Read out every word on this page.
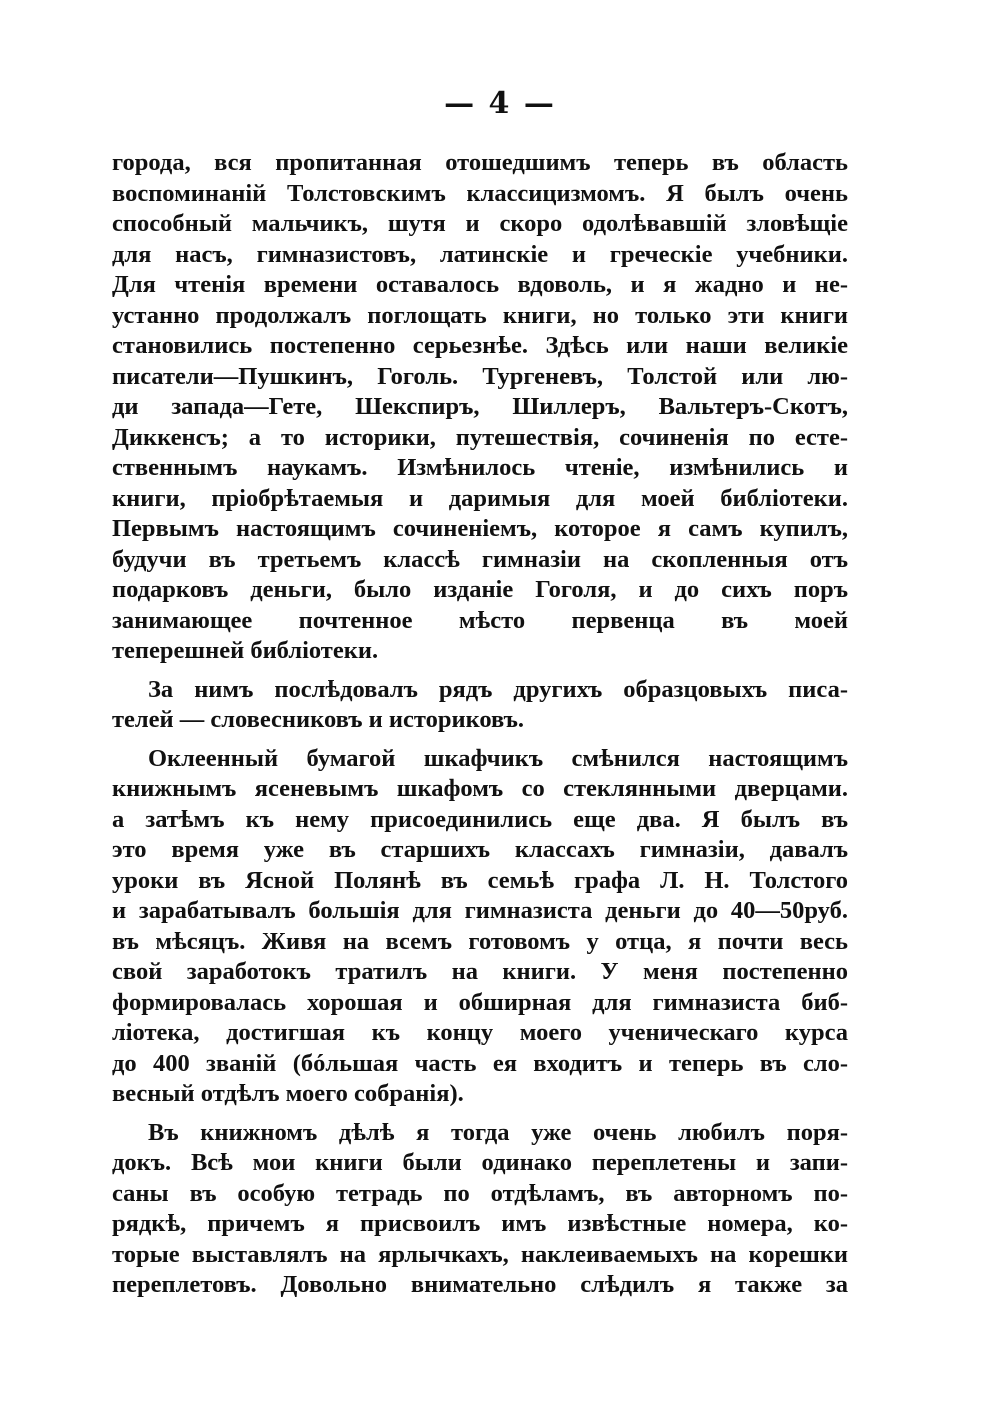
— 4 —
города, вся пропитанная отошедшимъ теперь въ область
воспоминаній Толстовскимъ классицизмомъ. Я былъ очень
способный мальчикъ, шутя и скоро одолѣвавшій зловѣщіе
для насъ, гимназистовъ, латинскіе и греческіе учебники.
Для чтенія времени оставалось вдоволь, и я жадно и не-
устанно продолжалъ поглощать книги, но только эти книги
становились постепенно серьезнѣе. Здѣсь или наши великіе
писатели—Пушкинъ, Гоголь. Тургеневъ, Толстой или лю-
ди запада—Гете, Шекспиръ, Шиллеръ, Вальтеръ-Скотъ,
Диккенсъ; а то историки, путешествія, сочиненія по есте-
ственнымъ наукамъ. Измѣнилось чтеніе, измѣнились и
книги, пріобрѣтаемыя и даримыя для моей библіотеки.
Первымъ настоящимъ сочиненіемъ, которое я самъ купилъ,
будучи въ третьемъ классѣ гимназіи на скопленныя отъ
подарковъ деньги, было изданіе Гоголя, и до сихъ поръ
занимающее почтенное мѣсто первенца въ моей
теперешней библіотеки.
За нимъ послѣдовалъ рядъ другихъ образцовыхъ писа-
телей — словесниковъ и историковъ.
Оклеенный бумагой шкафчикъ смѣнился настоящимъ
книжнымъ ясеневымъ шкафомъ со стеклянными дверцами.
а затѣмъ къ нему присоединились еще два. Я былъ въ
это время уже въ старшихъ классахъ гимназіи, давалъ
уроки въ Ясной Полянѣ въ семьѣ графа Л. Н. Толстого
и зарабатывалъ большія для гимназиста деньги до 40—50руб.
въ мѣсяцъ. Живя на всемъ готовомъ у отца, я почти весь
свой заработокъ тратилъ на книги. У меня постепенно
формировалась хорошая и обширная для гимназиста биб-
ліотека, достигшая къ концу моего ученическаго курса
до 400 званій (бóльшая часть ея входитъ и теперь въ сло-
весный отдѣлъ моего собранія).
Въ книжномъ дѣлѣ я тогда уже очень любилъ поря-
докъ. Всѣ мои книги были одинако переплетены и запи-
саны въ особую тетрадь по отдѣламъ, въ авторномъ по-
рядкѣ, причемъ я присвоилъ имъ извѣстные номера, ко-
торые выставлялъ на ярлычкахъ, наклеиваемыхъ на корешки
переплетовъ. Довольно внимательно слѣдилъ я также за
